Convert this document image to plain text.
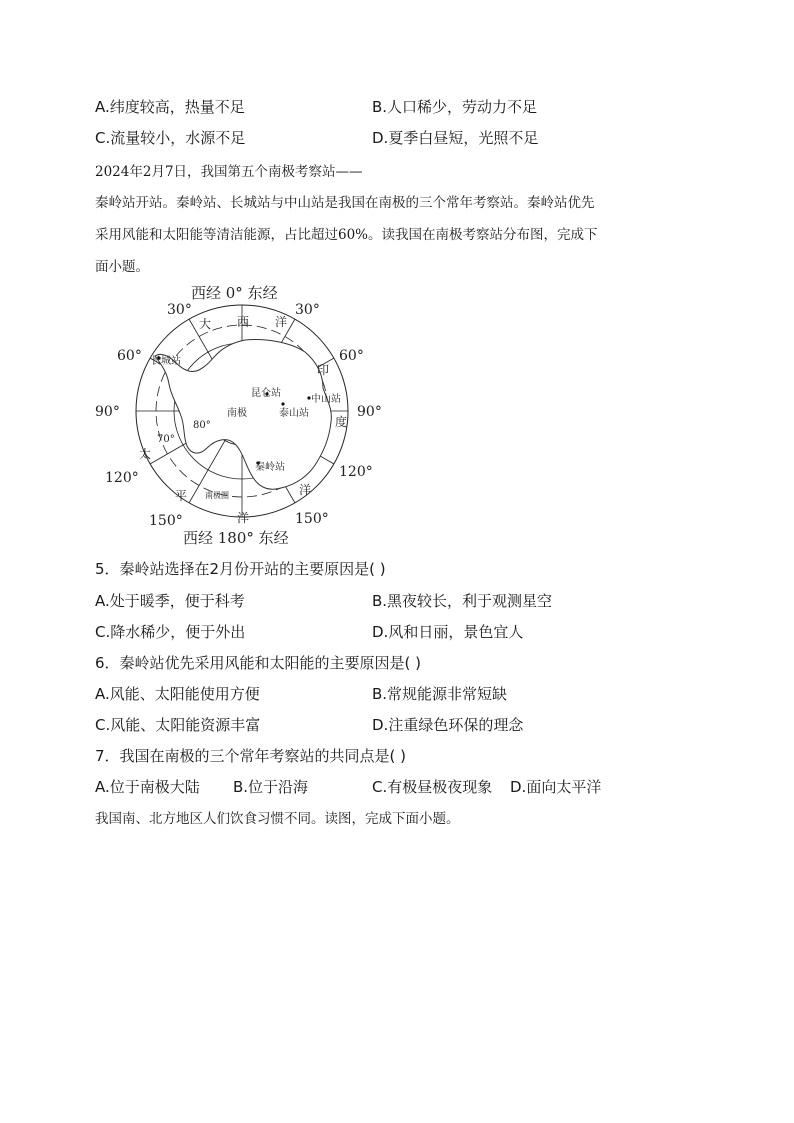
A.纬度较高，热量不足	B.人口稀少，劳动力不足
C.流量较小，水源不足	D.夏季白昼短，光照不足
2024年2月7日，我国第五个南极考察站——
秦岭站开站。秦岭站、长城站与中山站是我国在南极的三个常年考察站。秦岭站优先
采用风能和太阳能等清洁能源，占比超过60%。读我国在南极考察站分布图，完成下
面小题。
西经 0° 东经
西经 180° 东经
30°	30°
60°	60°
90°	90°
120°	120°
150°	150°
80°
70°
大 西 洋
印
度
太
平
洋
洋
长城站
昆仑站
中山站
泰山站
秦岭站
南极
南极圈
5．秦岭站选择在2月份开站的主要原因是( )
A.处于暖季，便于科考	B.黑夜较长，利于观测星空
C.降水稀少，便于外出	D.风和日丽，景色宜人
6．秦岭站优先采用风能和太阳能的主要原因是( )
A.风能、太阳能使用方便	B.常规能源非常短缺
C.风能、太阳能资源丰富	D.注重绿色环保的理念
7．我国在南极的三个常年考察站的共同点是( )
A.位于南极大陆 B.位于沿海	C.有极昼极夜现象 D.面向太平洋
我国南、北方地区人们饮食习惯不同。读图，完成下面小题。
